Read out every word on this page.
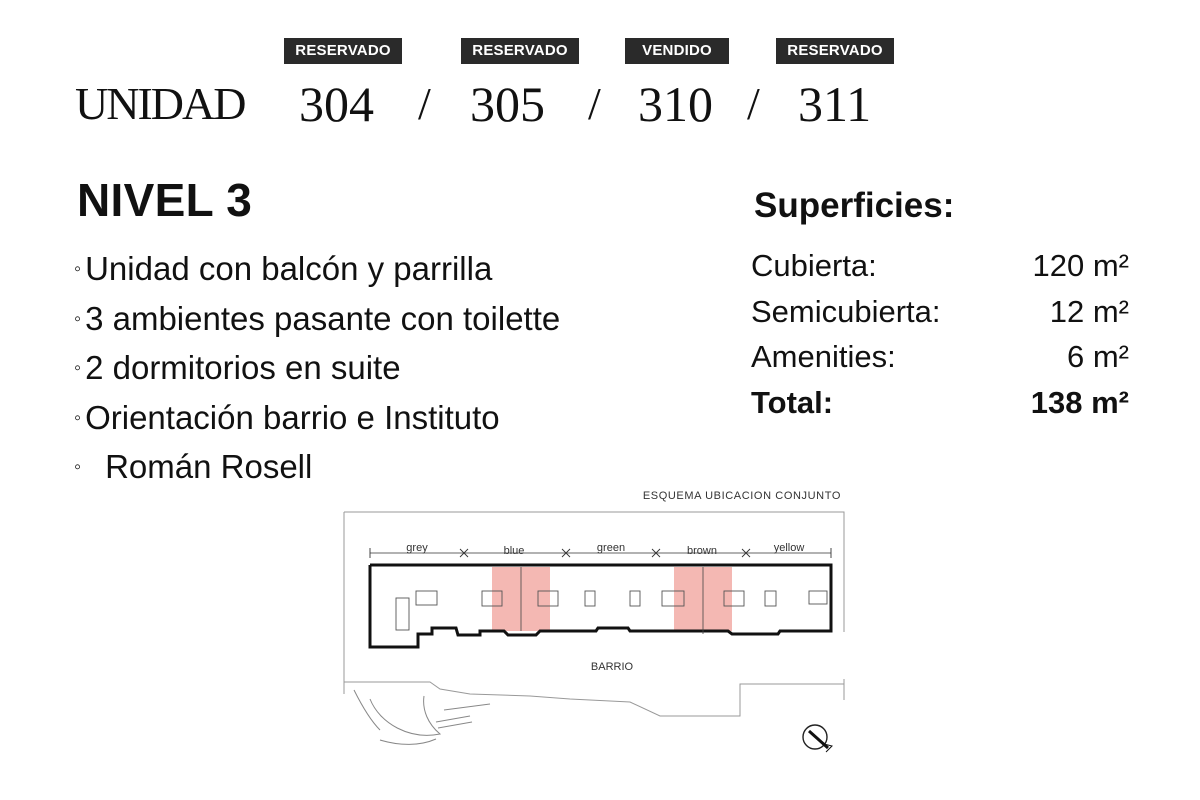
RESERVADO	RESERVADO	VENDIDO	RESERVADO
UNIDAD 304 / 305 / 310 / 311
NIVEL 3
◦ Unidad con balcón y parrilla
◦ 3 ambientes pasante con toilette
◦ 2 dormitorios en suite
◦ Orientación barrio e Instituto
◦ Román Rosell
Superficies:
Cubierta:	120 m²
Semicubierta:	12 m²
Amenities:	6 m²
Total:	138 m²
ESQUEMA UBICACION CONJUNTO
grey	blue	green	brown	yellow
BARRIO
